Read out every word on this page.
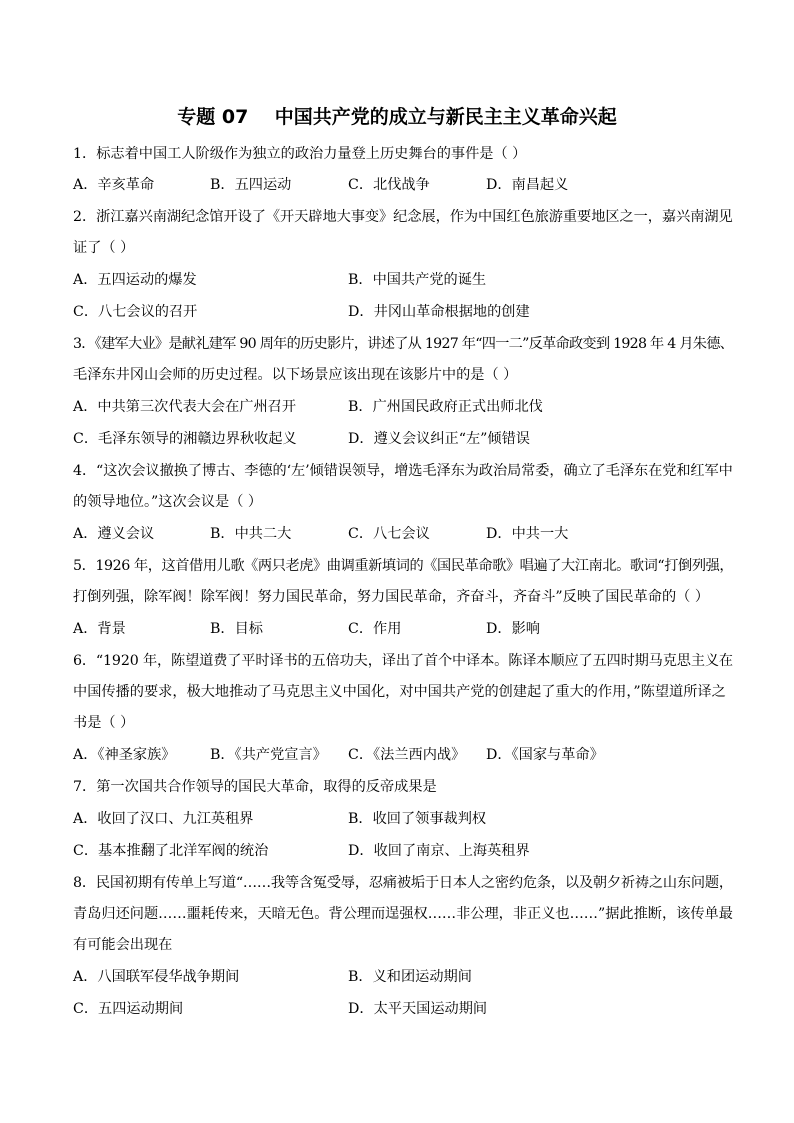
专题 07    中国共产党的成立与新民主主义革命兴起
1．标志着中国工人阶级作为独立的政治力量登上历史舞台的事件是（ ）
A．辛亥革命	B．五四运动	C．北伐战争	D．南昌起义
2．浙江嘉兴南湖纪念馆开设了《开天辟地大事变》纪念展，作为中国红色旅游重要地区之一，嘉兴南湖见
证了（ ）
A．五四运动的爆发	B．中国共产党的诞生
C．八七会议的召开	D．井冈山革命根据地的创建
3．《建军大业》是献礼建军 90 周年的历史影片，讲述了从 1927 年“四一二”反革命政变到 1928 年 4 月朱德、
毛泽东井冈山会师的历史过程。以下场景应该出现在该影片中的是（ ）
A．中共第三次代表大会在广州召开	B．广州国民政府正式出师北伐
C．毛泽东领导的湘赣边界秋收起义	D．遵义会议纠正“左”倾错误
4．“这次会议撤换了博古、李德的‘左’倾错误领导，增选毛泽东为政治局常委，确立了毛泽东在党和红军中
的领导地位。”这次会议是（ ）
A．遵义会议	B．中共二大	C．八七会议	D．中共一大
5．1926 年，这首借用儿歌《两只老虎》曲调重新填词的《国民革命歌》唱遍了大江南北。歌词“打倒列强，
打倒列强，除军阀！除军阀！努力国民革命，努力国民革命，齐奋斗，齐奋斗”反映了国民革命的（ ）
A．背景	B．目标	C．作用	D．影响
6．“1920 年，陈望道费了平时译书的五倍功夫，译出了首个中译本。陈译本顺应了五四时期马克思主义在
中国传播的要求，极大地推动了马克思主义中国化，对中国共产党的创建起了重大的作用，”陈望道所译之
书是（ ）
A．《神圣家族》 B．《共产党宣言》 C．《法兰西内战》 D．《国家与革命》
7．第一次国共合作领导的国民大革命，取得的反帝成果是
A．收回了汉口、九江英租界	B．收回了领事裁判权
C．基本推翻了北洋军阀的统治	D．收回了南京、上海英租界
8．民国初期有传单上写道“……我等含冤受辱，忍痛被垢于日本人之密约危条，以及朝夕祈祷之山东问题，
青岛归还问题……噩耗传来，天暗无色。背公理而逞强权……非公理，非正义也……”据此推断，该传单最
有可能会出现在
A．八国联军侵华战争期间	B．义和团运动期间
C．五四运动期间	D．太平天国运动期间
